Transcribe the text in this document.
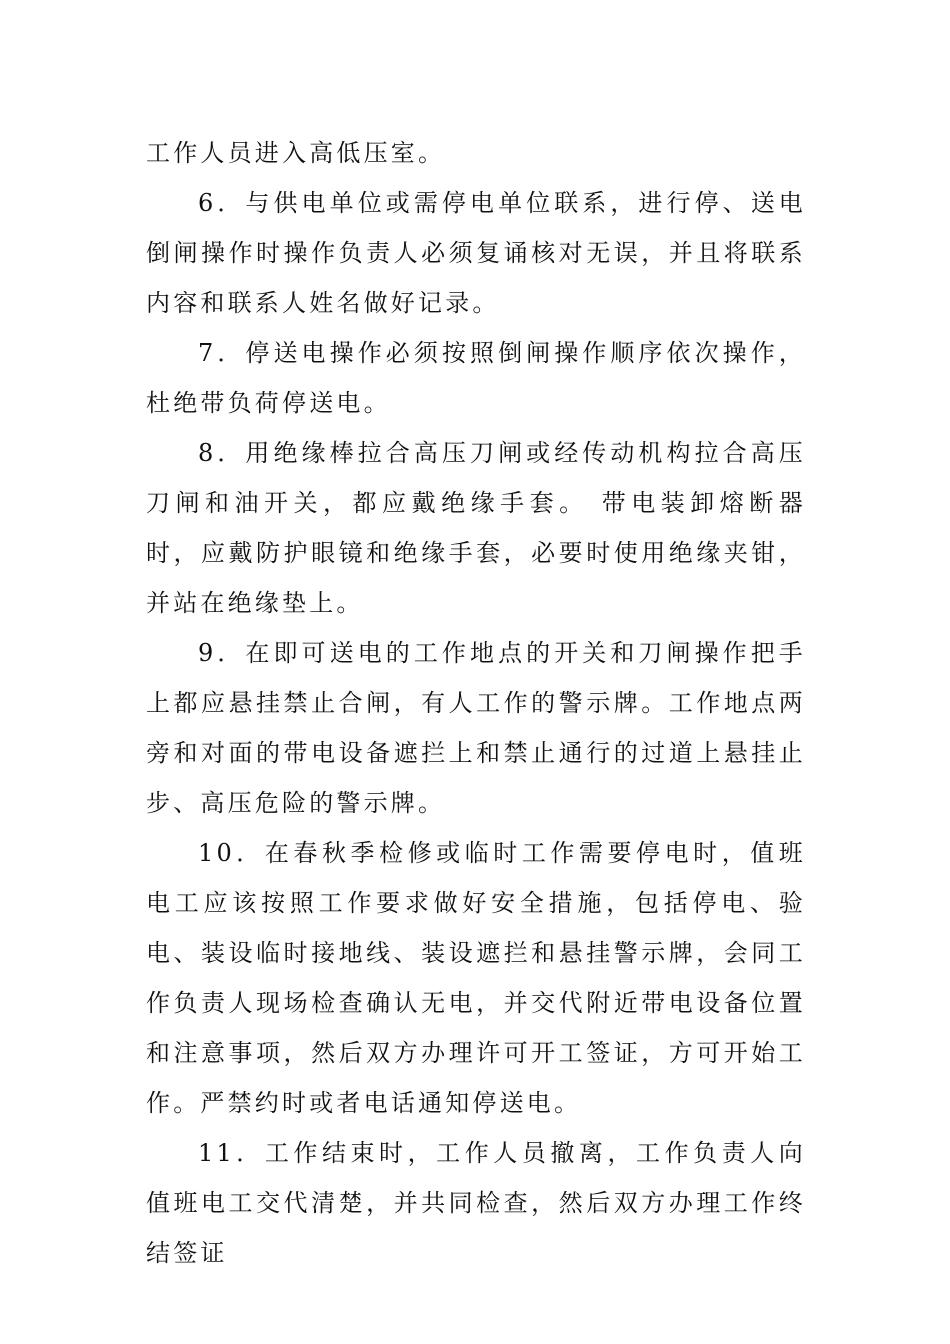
工作人员进入高低压室。

6．与供电单位或需停电单位联系，进行停、送电倒闸操作时操作负责人必须复诵核对无误，并且将联系内容和联系人姓名做好记录。

7．停送电操作必须按照倒闸操作顺序依次操作，杜绝带负荷停送电。

8．用绝缘棒拉合高压刀闸或经传动机构拉合高压刀闸和油开关，都应戴绝缘手套。 带电装卸熔断器时，应戴防护眼镜和绝缘手套，必要时使用绝缘夹钳，并站在绝缘垫上。

9．在即可送电的工作地点的开关和刀闸操作把手上都应悬挂禁止合闸，有人工作的警示牌。工作地点两旁和对面的带电设备遮拦上和禁止通行的过道上悬挂止步、高压危险的警示牌。

10．在春秋季检修或临时工作需要停电时，值班电工应该按照工作要求做好安全措施，包括停电、验电、装设临时接地线、装设遮拦和悬挂警示牌，会同工作负责人现场检查确认无电，并交代附近带电设备位置和注意事项，然后双方办理许可开工签证，方可开始工作。严禁约时或者电话通知停送电。

11．工作结束时，工作人员撤离，工作负责人向值班电工交代清楚，并共同检查，然后双方办理工作终结签证
